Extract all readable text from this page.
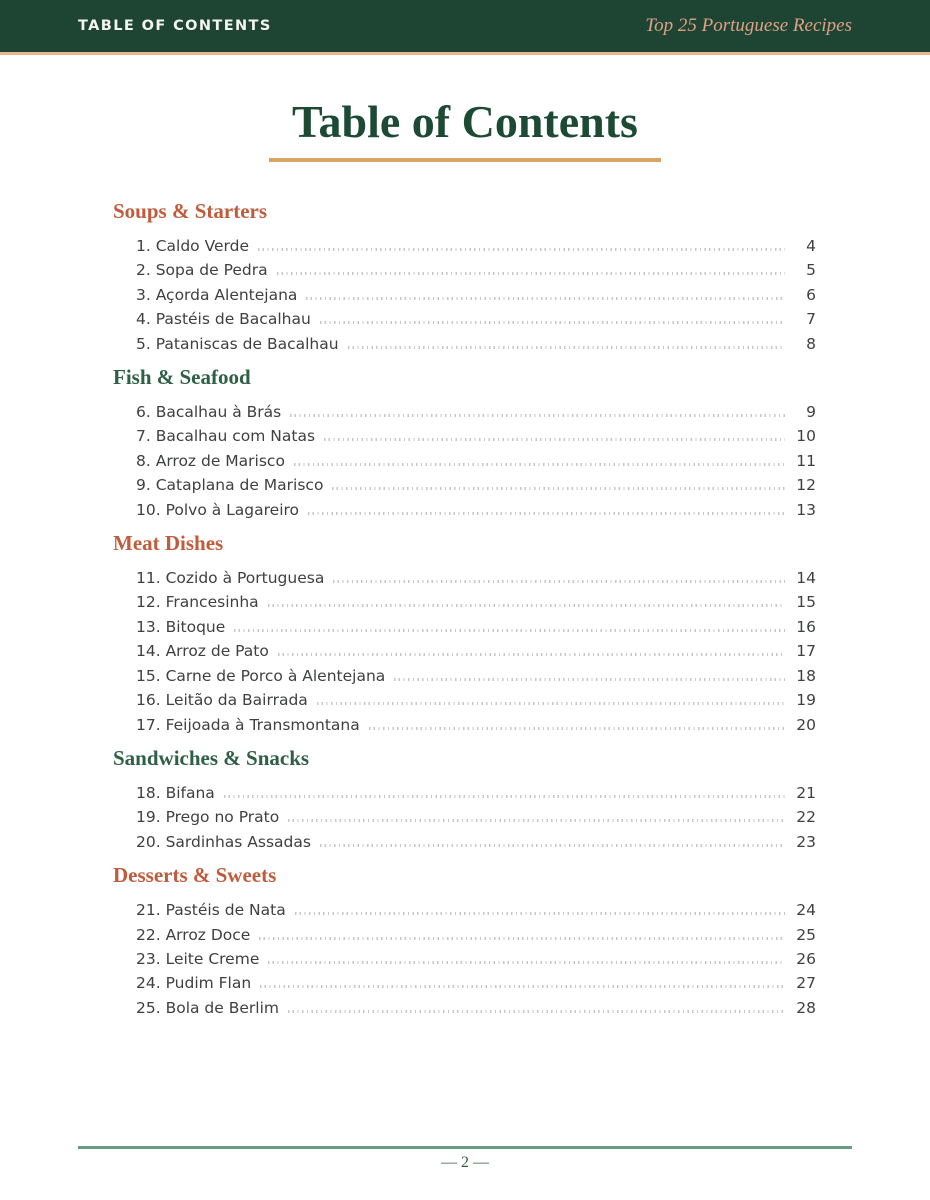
TABLE OF CONTENTS	Top 25 Portuguese Recipes
Table of Contents
Soups & Starters
1. Caldo Verde	4
2. Sopa de Pedra	5
3. Açorda Alentejana	6
4. Pastéis de Bacalhau	7
5. Pataniscas de Bacalhau	8
Fish & Seafood
6. Bacalhau à Brás	9
7. Bacalhau com Natas	10
8. Arroz de Marisco	11
9. Cataplana de Marisco	12
10. Polvo à Lagareiro	13
Meat Dishes
11. Cozido à Portuguesa	14
12. Francesinha	15
13. Bitoque	16
14. Arroz de Pato	17
15. Carne de Porco à Alentejana	18
16. Leitão da Bairrada	19
17. Feijoada à Transmontana	20
Sandwiches & Snacks
18. Bifana	21
19. Prego no Prato	22
20. Sardinhas Assadas	23
Desserts & Sweets
21. Pastéis de Nata	24
22. Arroz Doce	25
23. Leite Creme	26
24. Pudim Flan	27
25. Bola de Berlim	28
— 2 —
